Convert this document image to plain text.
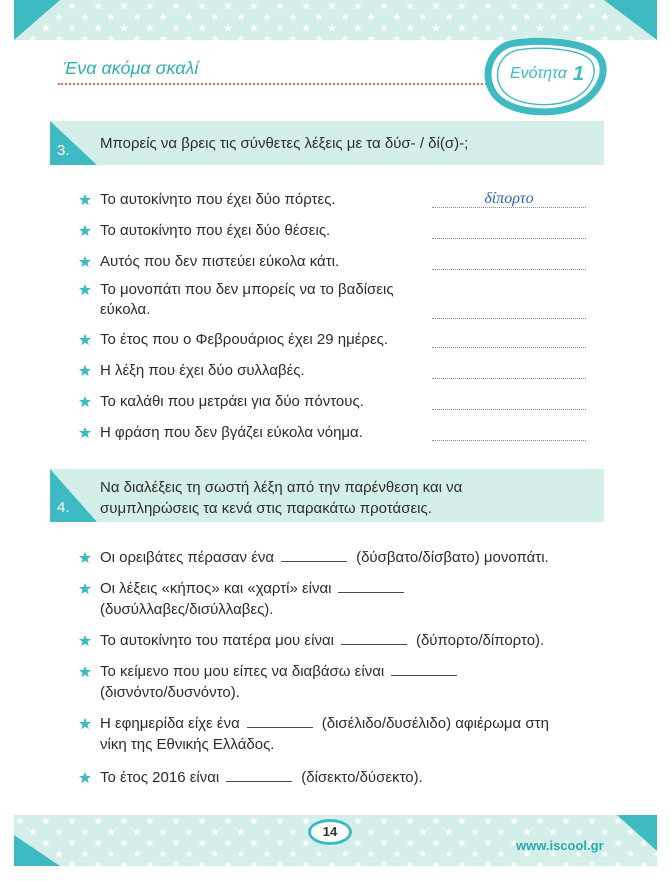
Ένα ακόμα σκαλί	Ενότητα 1
3. Μπορείς να βρεις τις σύνθετες λέξεις με τα δύσ- / δί(σ)-;
Το αυτοκίνητο που έχει δύο πόρτες.	δίπορτο
Το αυτοκίνητο που έχει δύο θέσεις.
Αυτός που δεν πιστεύει εύκολα κάτι.
Το μονοπάτι που δεν μπορείς να το βαδίσεις
εύκολα.
Το έτος που ο Φεβρουάριος έχει 29 ημέρες.
Η λέξη που έχει δύο συλλαβές.
Το καλάθι που μετράει για δύο πόντους.
Η φράση που δεν βγάζει εύκολα νόημα.
4.
Να διαλέξεις τη σωστή λέξη από την παρένθεση και να
συμπληρώσεις τα κενά στις παρακάτω προτάσεις.
Οι ορειβάτες πέρασαν ένα	(δύσβατο/δίσβατο) μονοπάτι.
Οι λέξεις «κήπος» και «χαρτί» είναι
(δυσύλλαβες/δισύλλαβες).
Το αυτοκίνητο του πατέρα μου είναι	(δύπορτο/δίπορτο).
Το κείμενο που μου είπες να διαβάσω είναι
(δισνόντο/δυσνόντο).
Η εφημερίδα είχε ένα	(δισέλιδο/δυσέλιδο) αφιέρωμα στη
νίκη της Εθνικής Ελλάδος.
Το έτος 2016 είναι	(δίσεκτο/δύσεκτο).
14
www.iscool.gr
